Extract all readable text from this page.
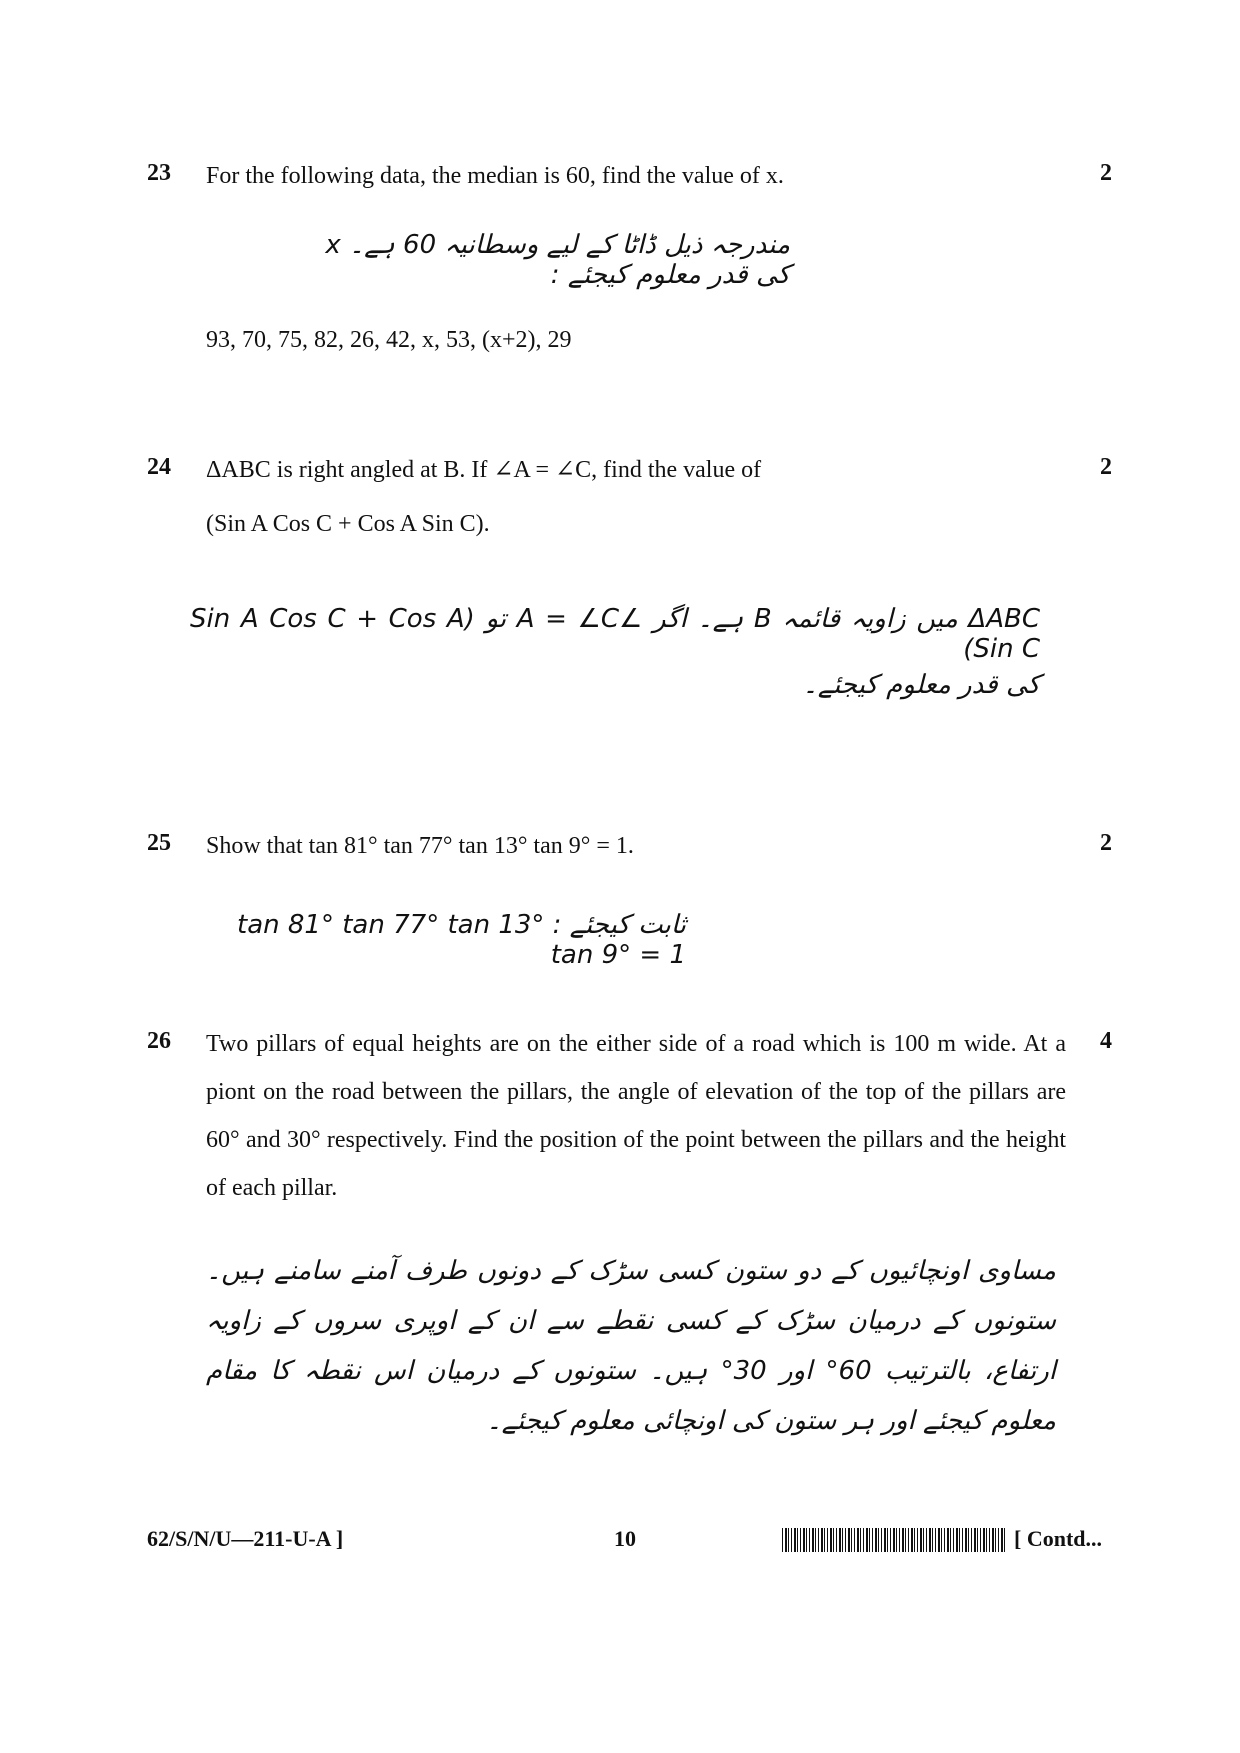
23	2
For the following data, the median is 60, find the value of x.
مندرجہ ذیل ڈاٹا کے لیے وسطانیہ 60 ہے۔ x کی قدر معلوم کیجئے :
93, 70, 75, 82, 26, 42, x, 53, (x+2), 29
24	2
ΔABC is right angled at B. If ∠A = ∠C, find the value of
(Sin A Cos C + Cos A Sin C).
ΔABC میں زاویہ قائمہ B ہے۔ اگر ∠A = ∠C تو (Sin A Cos C + Cos A Sin C)
کی قدر معلوم کیجئے۔
25	2
Show that tan 81° tan 77° tan 13° tan 9° = 1.
ثابت کیجئے : tan 81° tan 77° tan 13° tan 9° = 1
26	4
Two pillars of equal heights are on the either side of a road which is 100 m wide. At a piont on the road between the pillars, the angle of elevation of the top of the pillars are 60° and 30° respectively. Find the position of the point between the pillars and the height of each pillar.
مساوی اونچائیوں کے دو ستون کسی سڑک کے دونوں طرف آمنے سامنے ہیں۔ ستونوں کے درمیان سڑک کے کسی نقطے سے ان کے اوپری سروں کے زاویہ ارتفاع، بالترتیب 60° اور 30° ہیں۔ ستونوں کے درمیان اس نقطہ کا مقام معلوم کیجئے اور ہر ستون کی اونچائی معلوم کیجئے۔
62/S/N/U—211-U-A ]	10	[ Contd...
